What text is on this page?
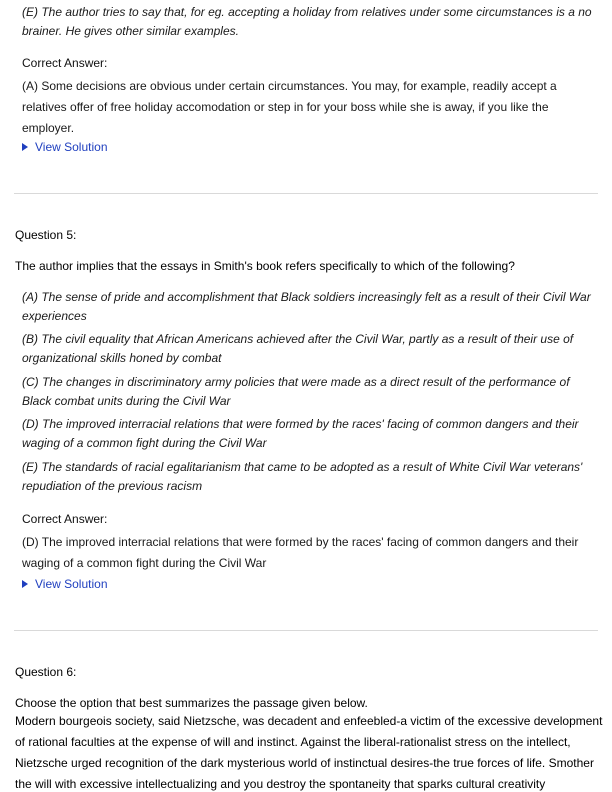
(E) The author tries to say that, for eg. accepting a holiday from relatives under some circumstances is a no brainer. He gives other similar examples.
Correct Answer:
(A) Some decisions are obvious under certain circumstances. You may, for example, readily accept a relatives offer of free holiday accomodation or step in for your boss while she is away, if you like the employer.
View Solution
Question 5:
The author implies that the essays in Smith's book refers specifically to which of the following?
(A) The sense of pride and accomplishment that Black soldiers increasingly felt as a result of their Civil War experiences
(B) The civil equality that African Americans achieved after the Civil War, partly as a result of their use of organizational skills honed by combat
(C) The changes in discriminatory army policies that were made as a direct result of the performance of Black combat units during the Civil War
(D) The improved interracial relations that were formed by the races' facing of common dangers and their waging of a common fight during the Civil War
(E) The standards of racial egalitarianism that came to be adopted as a result of White Civil War veterans' repudiation of the previous racism
Correct Answer:
(D) The improved interracial relations that were formed by the races' facing of common dangers and their waging of a common fight during the Civil War
View Solution
Question 6:
Choose the option that best summarizes the passage given below.
Modern bourgeois society, said Nietzsche, was decadent and enfeebled-a victim of the excessive development of rational faculties at the expense of will and instinct. Against the liberal-rationalist stress on the intellect, Nietzsche urged recognition of the dark mysterious world of instinctual desires-the true forces of life. Smother the will with excessive intellectualizing and you destroy the spontaneity that sparks cultural creativity
